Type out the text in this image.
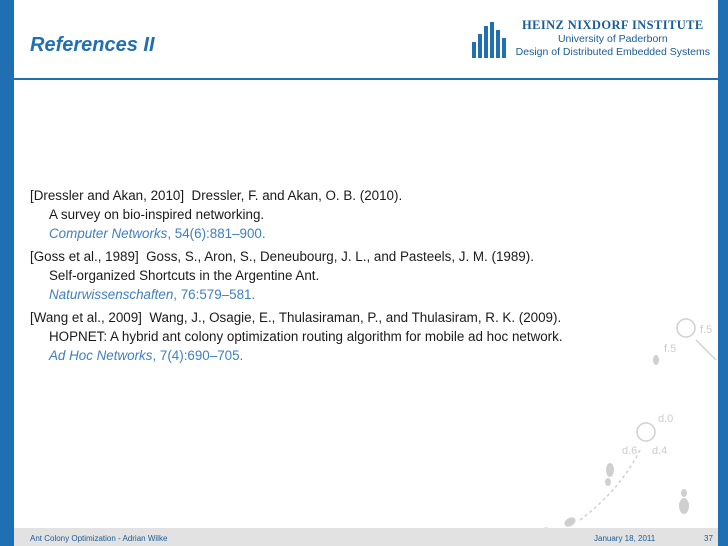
References II
HEINZ NIXDORF INSTITUTE
University of Paderborn
Design of Distributed Embedded Systems
[Dressler and Akan, 2010] Dressler, F. and Akan, O. B. (2010).
A survey on bio-inspired networking.
Computer Networks, 54(6):881–900.
[Goss et al., 1989] Goss, S., Aron, S., Deneubourg, J. L., and Pasteels, J. M. (1989).
Self-organized Shortcuts in the Argentine Ant.
Naturwissenschaften, 76:579–581.
[Wang et al., 2009] Wang, J., Osagie, E., Thulasiraman, P., and Thulasiram, R. K. (2009).
HOPNET: A hybrid ant colony optimization routing algorithm for mobile ad hoc network.
Ad Hoc Networks, 7(4):690–705.
f.5
f.5
d.0
d.6 d.4
Ant Colony Optimization - Adrian Wilke	January 18, 2011	37
